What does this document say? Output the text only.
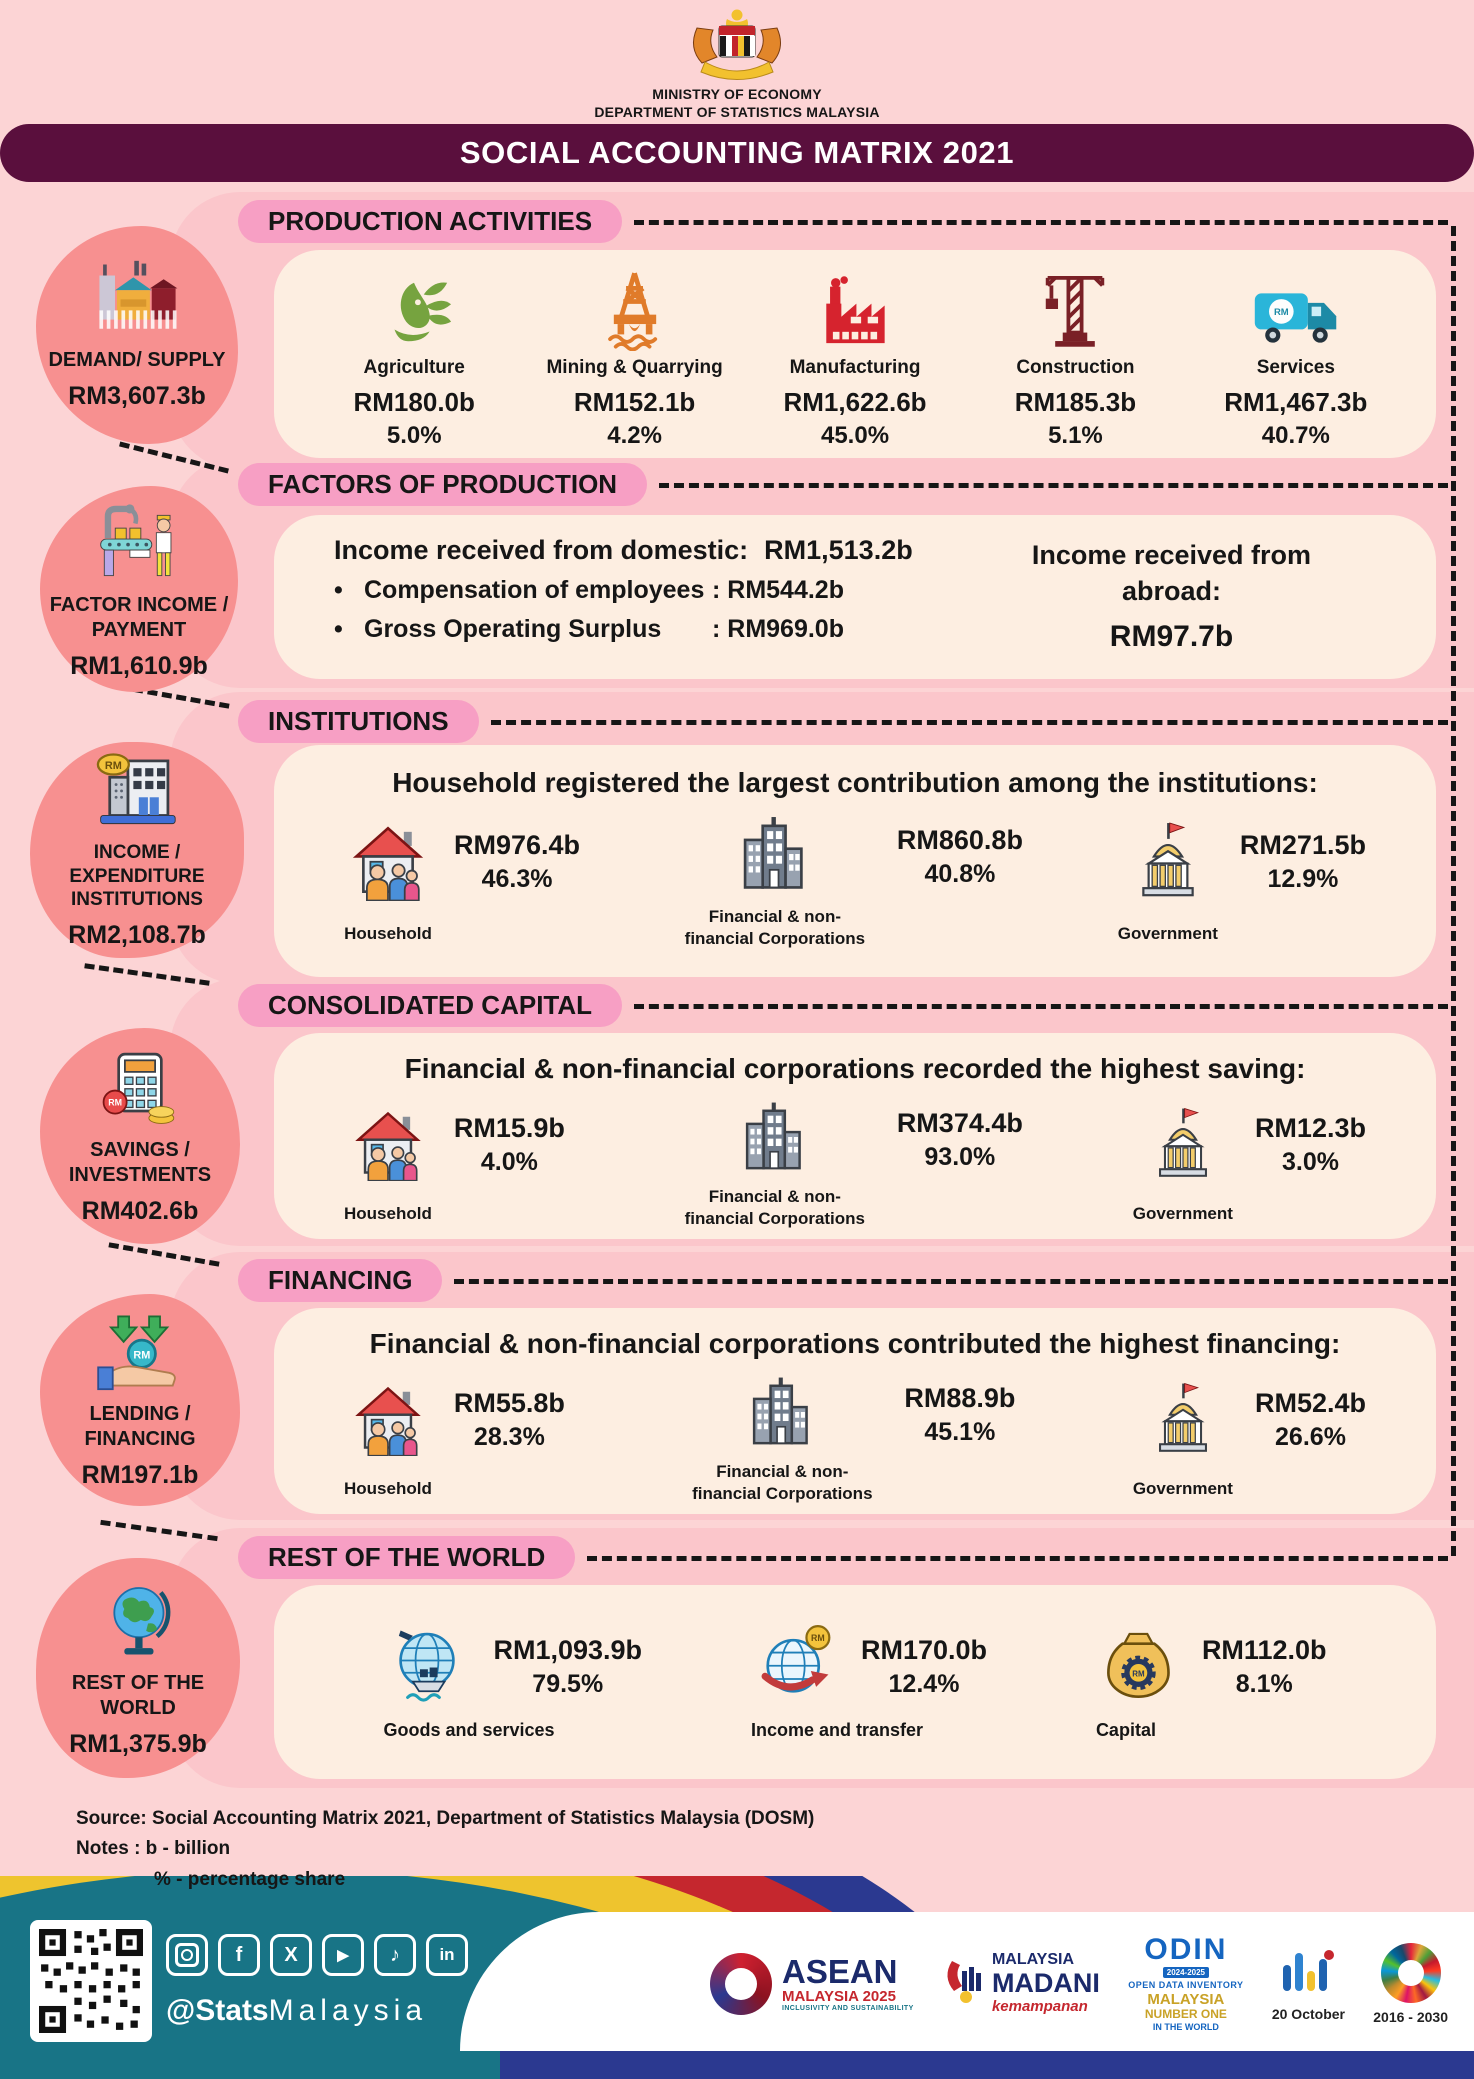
MINISTRY OF ECONOMY
DEPARTMENT OF STATISTICS MALAYSIA
SOCIAL ACCOUNTING MATRIX 2021
PRODUCTION ACTIVITIES
FACTORS OF PRODUCTION
INSTITUTIONS
CONSOLIDATED CAPITAL
FINANCING
REST OF THE WORLD
DEMAND/ SUPPLY
RM3,607.3b
FACTOR INCOME / PAYMENT
RM1,610.9b
RM
INCOME / EXPENDITURE INSTITUTIONS
RM2,108.7b
RM
SAVINGS / INVESTMENTS
RM402.6b
RM
LENDING / FINANCING
RM197.1b
REST OF THE WORLD
RM1,375.9b
Agriculture
RM180.0b
5.0%
Mining & Quarrying
RM152.1b
4.2%
Manufacturing
RM1,622.6b
45.0%
Construction
RM185.3b
5.1%
RM
Services
RM1,467.3b
40.7%
Income received from domestic: RM1,513.2b
• Compensation of employees : RM544.2b
• Gross Operating Surplus	: RM969.0b
Income received from abroad:
RM97.7b
Household registered the largest contribution among the institutions:
RM976.4b
46.3%
Household
RM860.8b
40.8%
Financial & non-financial Corporations
RM271.5b
12.9%
Government
Financial & non-financial corporations recorded the highest saving:
RM15.9b
4.0%
Household
RM374.4b
93.0%
Financial & non-financial Corporations
RM12.3b
3.0%
Government
Financial & non-financial corporations contributed the highest financing:
RM55.8b
28.3%
Household
RM88.9b
45.1%
Financial & non-financial Corporations
RM52.4b
26.6%
Government
RM1,093.9b
79.5%
Goods and services
RM RM170.0b
12.4%
Income and transfer
RM
RM112.0b
8.1%
Capital
Source: Social Accounting Matrix 2021, Department of Statistics Malaysia (DOSM)
Notes : b - billion
% - percentage share
f X	▶ ♪ in
@StatsMalaysia
ASEAN
MALAYSIA 2025
INCLUSIVITY AND SUSTAINABILITY
MALAYSIA
MADANI
kemampanan
ODIN
2024-2025
OPEN DATA INVENTORY
MALAYSIA
NUMBER ONE
IN THE WORLD
20 October 2016 - 2030
